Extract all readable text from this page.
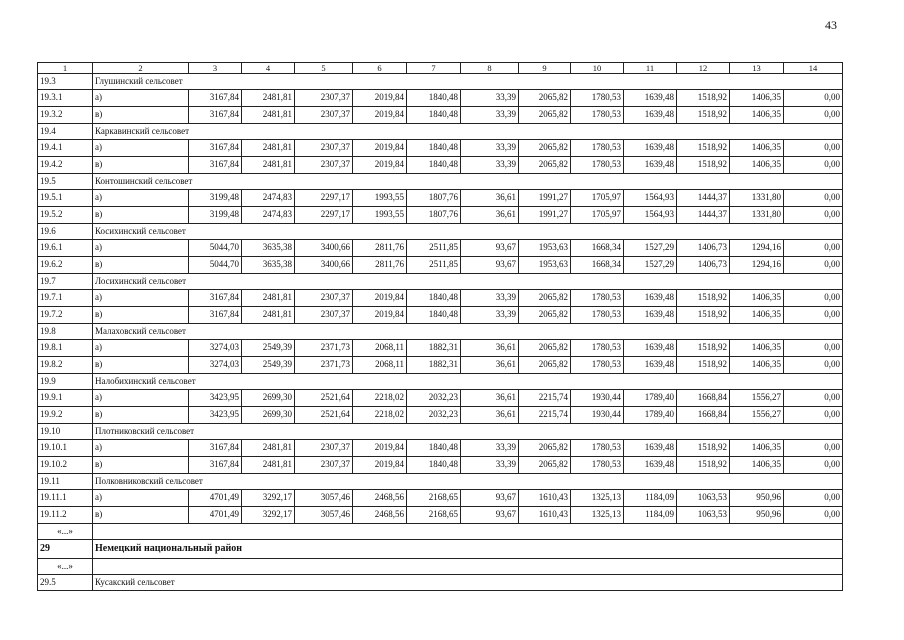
43
1	2	3	4	5	6	7	8	9	10	11	12	13	14
19.3	Глушинский сельсовет												
19.3.1	а)	3167,84	2481,81	2307,37	2019,84	1840,48	33,39	2065,82	1780,53	1639,48	1518,92	1406,35	0,00
19.3.2	в)	3167,84	2481,81	2307,37	2019,84	1840,48	33,39	2065,82	1780,53	1639,48	1518,92	1406,35	0,00
19.4	Каркавинский сельсовет												
19.4.1	а)	3167,84	2481,81	2307,37	2019,84	1840,48	33,39	2065,82	1780,53	1639,48	1518,92	1406,35	0,00
19.4.2	в)	3167,84	2481,81	2307,37	2019,84	1840,48	33,39	2065,82	1780,53	1639,48	1518,92	1406,35	0,00
19.5	Контошинский сельсовет												
19.5.1	а)	3199,48	2474,83	2297,17	1993,55	1807,76	36,61	1991,27	1705,97	1564,93	1444,37	1331,80	0,00
19.5.2	в)	3199,48	2474,83	2297,17	1993,55	1807,76	36,61	1991,27	1705,97	1564,93	1444,37	1331,80	0,00
19.6	Косихинский сельсовет												
19.6.1	а)	5044,70	3635,38	3400,66	2811,76	2511,85	93,67	1953,63	1668,34	1527,29	1406,73	1294,16	0,00
19.6.2	в)	5044,70	3635,38	3400,66	2811,76	2511,85	93,67	1953,63	1668,34	1527,29	1406,73	1294,16	0,00
19.7	Лосихинский сельсовет												
19.7.1	а)	3167,84	2481,81	2307,37	2019,84	1840,48	33,39	2065,82	1780,53	1639,48	1518,92	1406,35	0,00
19.7.2	в)	3167,84	2481,81	2307,37	2019,84	1840,48	33,39	2065,82	1780,53	1639,48	1518,92	1406,35	0,00
19.8	Малаховский сельсовет												
19.8.1	а)	3274,03	2549,39	2371,73	2068,11	1882,31	36,61	2065,82	1780,53	1639,48	1518,92	1406,35	0,00
19.8.2	в)	3274,03	2549,39	2371,73	2068,11	1882,31	36,61	2065,82	1780,53	1639,48	1518,92	1406,35	0,00
19.9	Налобихинский сельсовет												
19.9.1	а)	3423,95	2699,30	2521,64	2218,02	2032,23	36,61	2215,74	1930,44	1789,40	1668,84	1556,27	0,00
19.9.2	в)	3423,95	2699,30	2521,64	2218,02	2032,23	36,61	2215,74	1930,44	1789,40	1668,84	1556,27	0,00
19.10	Плотниковский сельсовет												
19.10.1	а)	3167,84	2481,81	2307,37	2019,84	1840,48	33,39	2065,82	1780,53	1639,48	1518,92	1406,35	0,00
19.10.2	в)	3167,84	2481,81	2307,37	2019,84	1840,48	33,39	2065,82	1780,53	1639,48	1518,92	1406,35	0,00
19.11	Полковниковский сельсовет												
19.11.1	а)	4701,49	3292,17	3057,46	2468,56	2168,65	93,67	1610,43	1325,13	1184,09	1063,53	950,96	0,00
19.11.2	в)	4701,49	3292,17	3057,46	2468,56	2168,65	93,67	1610,43	1325,13	1184,09	1063,53	950,96	0,00
«...»													
29	Немецкий национальный район												
«...»													
29.5	Кусакский сельсовет												
